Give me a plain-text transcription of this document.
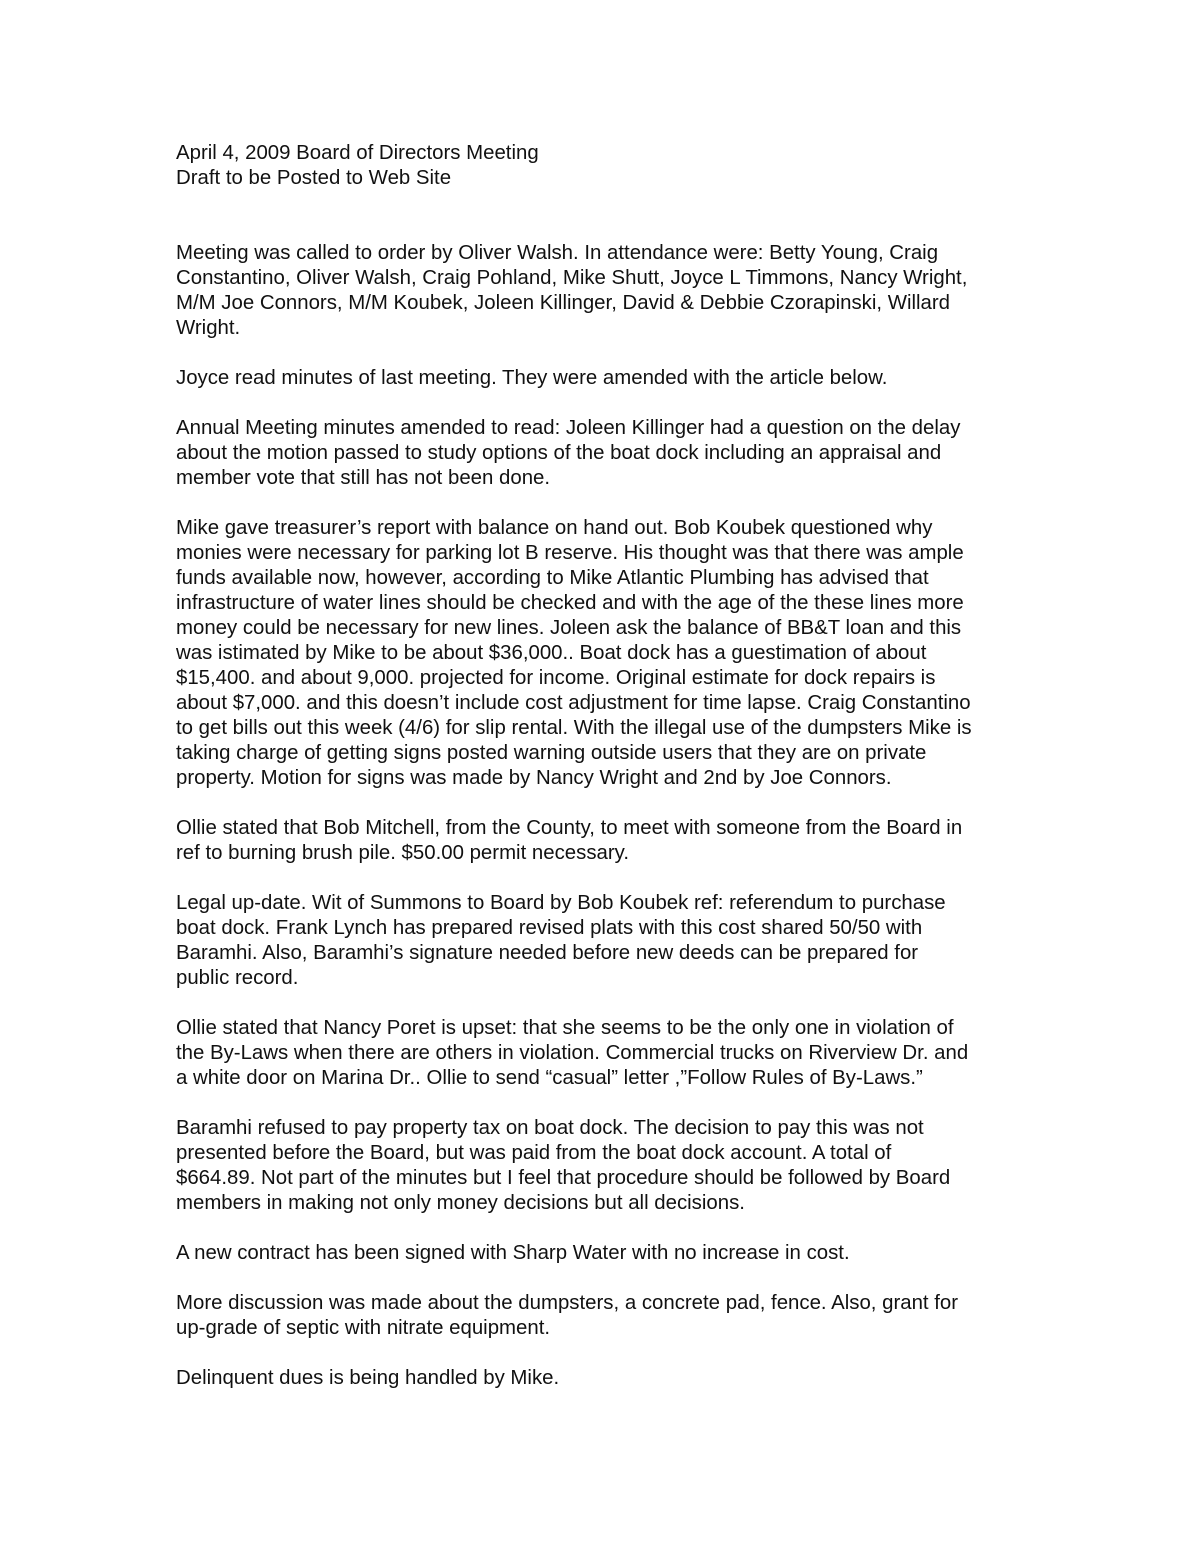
April 4, 2009 Board of Directors Meeting

Draft to be Posted to Web Site

Meeting was called to order by Oliver Walsh. In attendance were: Betty Young, Craig
Constantino, Oliver Walsh, Craig Pohland, Mike Shutt, Joyce L Timmons, Nancy Wright,
M/M Joe Connors, M/M Koubek, Joleen Killinger, David & Debbie Czorapinski, Willard
Wright.

Joyce read minutes of last meeting. They were amended with the article below.

Annual Meeting minutes amended to read: Joleen Killinger had a question on the delay
about the motion passed to study options of the boat dock including an appraisal and
member vote that still has not been done.

Mike gave treasurer’s report with balance on hand out. Bob Koubek questioned why
monies were necessary for parking lot B reserve. His thought was that there was ample
funds available now, however, according to Mike Atlantic Plumbing has advised that
infrastructure of water lines should be checked and with the age of the these lines more
money could be necessary for new lines. Joleen ask the balance of BB&T loan and this
was istimated by Mike to be about $36,000.. Boat dock has a guestimation of about
$15,400. and about 9,000. projected for income. Original estimate for dock repairs is
about $7,000. and this doesn’t include cost adjustment for time lapse. Craig Constantino
to get bills out this week (4/6) for slip rental. With the illegal use of the dumpsters Mike is
taking charge of getting signs posted warning outside users that they are on private
property. Motion for signs was made by Nancy Wright and 2nd by Joe Connors.

Ollie stated that Bob Mitchell, from the County, to meet with someone from the Board in
ref to burning brush pile. $50.00 permit necessary.

Legal up-date. Wit of Summons to Board by Bob Koubek ref: referendum to purchase
boat dock. Frank Lynch has prepared revised plats with this cost shared 50/50 with
Baramhi. Also, Baramhi’s signature needed before new deeds can be prepared for
public record.

Ollie stated that Nancy Poret is upset: that she seems to be the only one in violation of
the By-Laws when there are others in violation. Commercial trucks on Riverview Dr. and
a white door on Marina Dr.. Ollie to send “casual” letter ,”Follow Rules of By-Laws.”

Baramhi refused to pay property tax on boat dock. The decision to pay this was not
presented before the Board, but was paid from the boat dock account. A total of
$664.89. Not part of the minutes but I feel that procedure should be followed by Board
members in making not only money decisions but all decisions.

A new contract has been signed with Sharp Water with no increase in cost.

More discussion was made about the dumpsters, a concrete pad, fence. Also, grant for
up-grade of septic with nitrate equipment.

Delinquent dues is being handled by Mike.
